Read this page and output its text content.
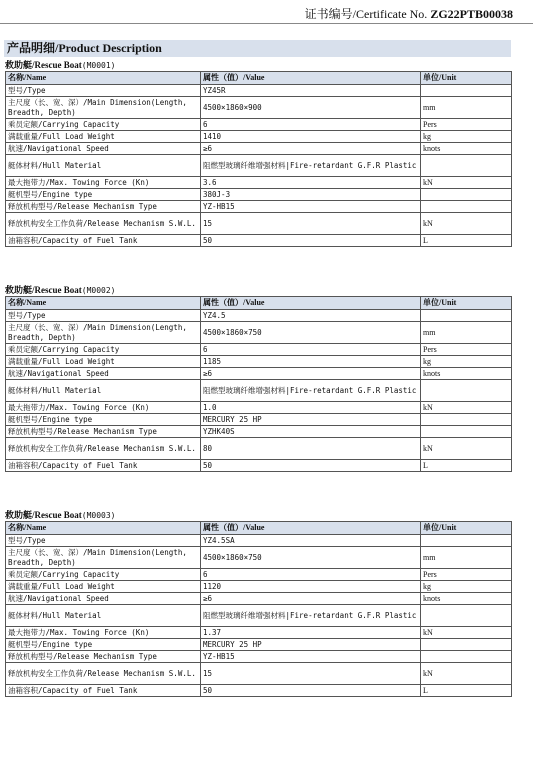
证书编号/Certificate No. ZG22PTB00038
产品明细/Product Description
救助艇/Rescue Boat(M0001)
名称/Name	属性（值）/Value	单位/Unit
型号/Type	YZ45R	
主尺度（长、宽、深）/Main Dimension(Length, Breadth, Depth)	4500×1860×900	mm
乘员定额/Carrying Capacity	6	Pers
满载重量/Full Load Weight	1410	kg
航速/Navigational Speed	≥6	knots
艇体材料/Hull Material	阻燃型玻璃纤维增强材料|Fire-retardant G.F.R Plastic	
最大拖带力/Max. Towing Force (Kn)	3.6	kN
艇机型号/Engine type	380J-3	
释放机构型号/Release Mechanism Type	YZ-HB15	
释放机构安全工作负荷/Release Mechanism S.W.L.	15	kN
油箱容积/Capacity of Fuel Tank	50	L
救助艇/Rescue Boat(M0002)
名称/Name	属性（值）/Value	单位/Unit
型号/Type	YZ4.5	
主尺度（长、宽、深）/Main Dimension(Length, Breadth, Depth)	4500×1860×750	mm
乘员定额/Carrying Capacity	6	Pers
满载重量/Full Load Weight	1185	kg
航速/Navigational Speed	≥6	knots
艇体材料/Hull Material	阻燃型玻璃纤维增强材料|Fire-retardant G.F.R Plastic	
最大拖带力/Max. Towing Force (Kn)	1.0	kN
艇机型号/Engine type	MERCURY 25 HP	
释放机构型号/Release Mechanism Type	YZHK40S	
释放机构安全工作负荷/Release Mechanism S.W.L.	80	kN
油箱容积/Capacity of Fuel Tank	50	L
救助艇/Rescue Boat(M0003)
名称/Name	属性（值）/Value	单位/Unit
型号/Type	YZ4.5SA	
主尺度（长、宽、深）/Main Dimension(Length, Breadth, Depth)	4500×1860×750	mm
乘员定额/Carrying Capacity	6	Pers
满载重量/Full Load Weight	1120	kg
航速/Navigational Speed	≥6	knots
艇体材料/Hull Material	阻燃型玻璃纤维增强材料|Fire-retardant G.F.R Plastic	
最大拖带力/Max. Towing Force (Kn)	1.37	kN
艇机型号/Engine type	MERCURY 25 HP	
释放机构型号/Release Mechanism Type	YZ-HB15	
释放机构安全工作负荷/Release Mechanism S.W.L.	15	kN
油箱容积/Capacity of Fuel Tank	50	L
